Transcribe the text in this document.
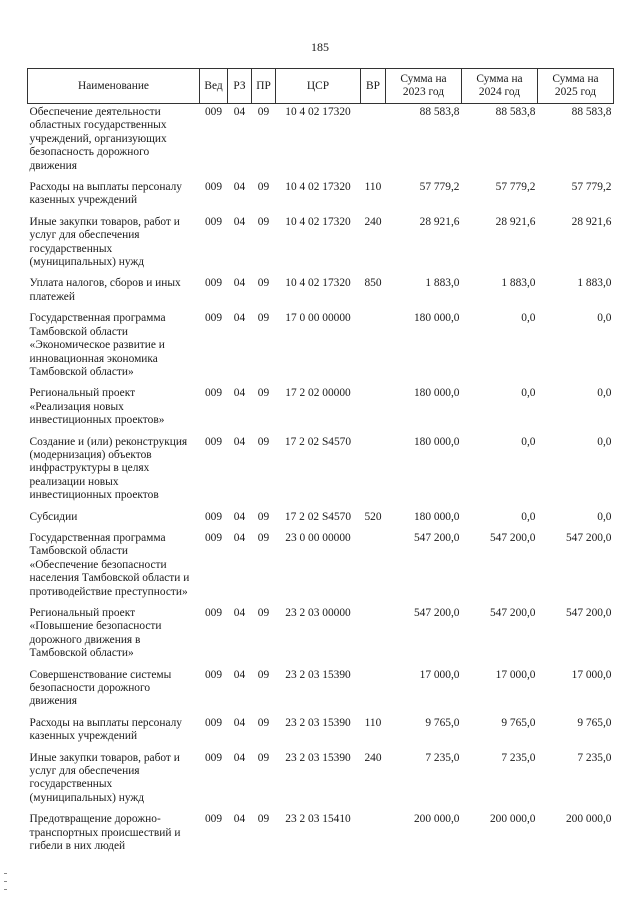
185
Наименование	Вед	РЗ	ПР	ЦСР	ВР	Сумма на 2023 год	Сумма на 2024 год	Сумма на 2025 год
Обеспечение деятельности областных государственных учреждений, организующих безопасность дорожного движения	009	04	09	10 4 02 17320		88 583,8	88 583,8	88 583,8
Расходы на выплаты персоналу казенных учреждений	009	04	09	10 4 02 17320	110	57 779,2	57 779,2	57 779,2
Иные закупки товаров, работ и услуг для обеспечения государственных (муниципальных) нужд	009	04	09	10 4 02 17320	240	28 921,6	28 921,6	28 921,6
Уплата налогов, сборов и иных платежей	009	04	09	10 4 02 17320	850	1 883,0	1 883,0	1 883,0
Государственная программа Тамбовской области «Экономическое развитие и инновационная экономика Тамбовской области»	009	04	09	17 0 00 00000		180 000,0	0,0	0,0
Региональный проект «Реализация новых инвестиционных проектов»	009	04	09	17 2 02 00000		180 000,0	0,0	0,0
Создание и (или) реконструкция (модернизация) объектов инфраструктуры в целях реализации новых инвестиционных проектов	009	04	09	17 2 02 S4570		180 000,0	0,0	0,0
Субсидии	009	04	09	17 2 02 S4570	520	180 000,0	0,0	0,0
Государственная программа Тамбовской области «Обеспечение безопасности населения Тамбовской области и противодействие преступности»	009	04	09	23 0 00 00000		547 200,0	547 200,0	547 200,0
Региональный проект «Повышение безопасности дорожного движения в Тамбовской области»	009	04	09	23 2 03 00000		547 200,0	547 200,0	547 200,0
Совершенствование системы безопасности дорожного движения	009	04	09	23 2 03 15390		17 000,0	17 000,0	17 000,0
Расходы на выплаты персоналу казенных учреждений	009	04	09	23 2 03 15390	110	9 765,0	9 765,0	9 765,0
Иные закупки товаров, работ и услуг для обеспечения государственных (муниципальных) нужд	009	04	09	23 2 03 15390	240	7 235,0	7 235,0	7 235,0
Предотвращение дорожно-транспортных происшествий и гибели в них людей	009	04	09	23 2 03 15410		200 000,0	200 000,0	200 000,0
